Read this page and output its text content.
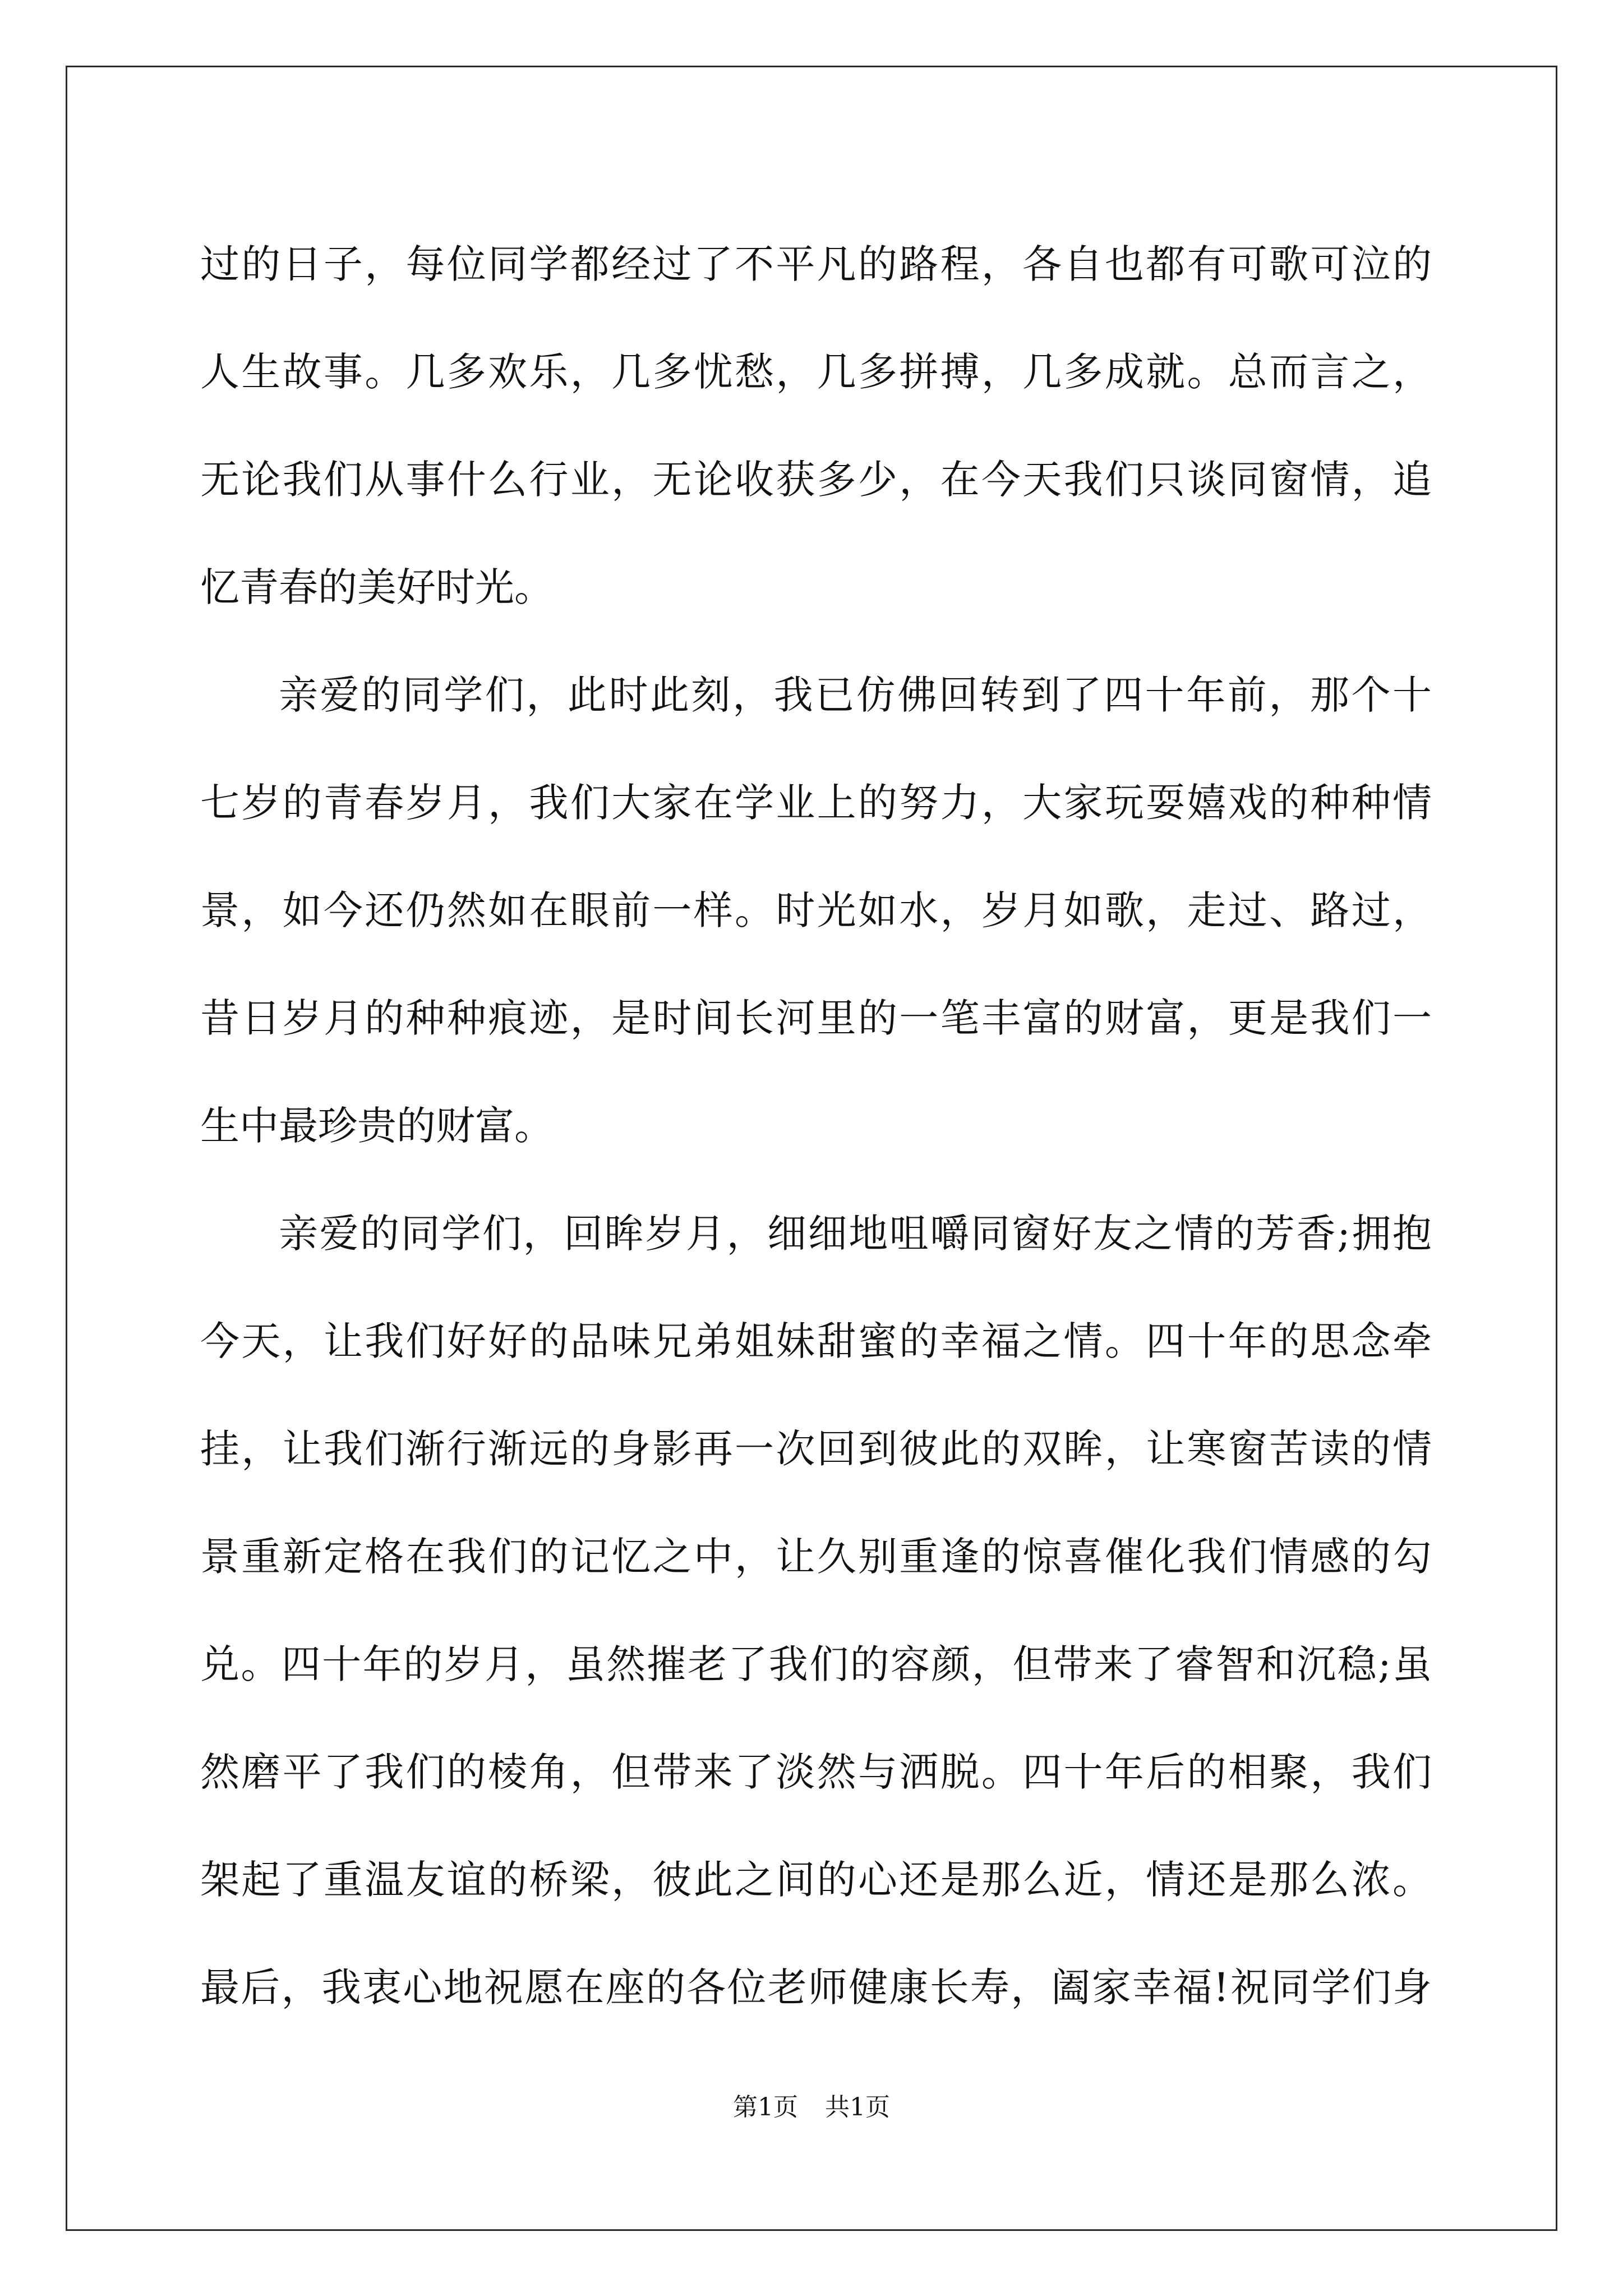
过的日子，每位同学都经过了不平凡的路程，各自也都有可歌可泣的
人生故事。几多欢乐，几多忧愁，几多拼搏，几多成就。总而言之，
无论我们从事什么行业，无论收获多少，在今天我们只谈同窗情，追
忆青春的美好时光。
亲爱的同学们，此时此刻，我已仿佛回转到了四十年前，那个十
七岁的青春岁月，我们大家在学业上的努力，大家玩耍嬉戏的种种情
景，如今还仍然如在眼前一样。时光如水，岁月如歌，走过、路过，
昔日岁月的种种痕迹，是时间长河里的一笔丰富的财富，更是我们一
生中最珍贵的财富。
亲爱的同学们，回眸岁月，细细地咀嚼同窗好友之情的芳香;拥抱
今天，让我们好好的品味兄弟姐妹甜蜜的幸福之情。四十年的思念牵
挂，让我们渐行渐远的身影再一次回到彼此的双眸，让寒窗苦读的情
景重新定格在我们的记忆之中，让久别重逢的惊喜催化我们情感的勾
兑。四十年的岁月，虽然摧老了我们的容颜，但带来了睿智和沉稳;虽
然磨平了我们的棱角，但带来了淡然与洒脱。四十年后的相聚，我们
架起了重温友谊的桥梁，彼此之间的心还是那么近，情还是那么浓。
最后，我衷心地祝愿在座的各位老师健康长寿，阖家幸福!祝同学们身
第1页 共1页
